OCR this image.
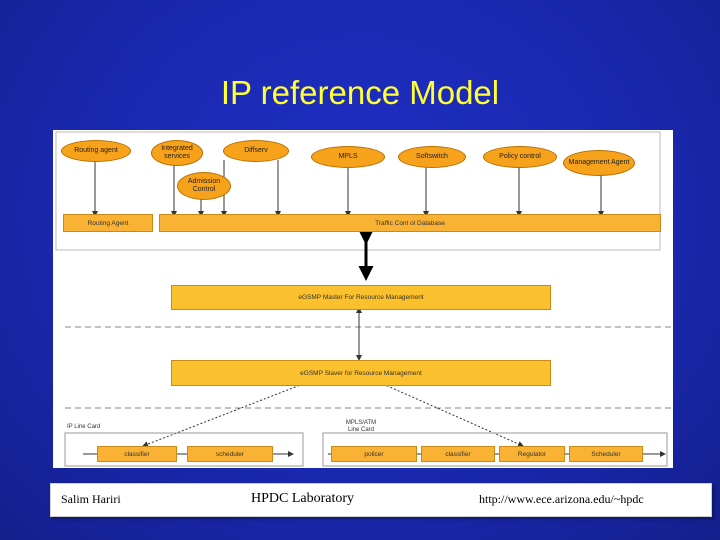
IP reference Model
Routing agent	Integrated services
Diffserv
MPLS	Softswitch	Policy control
Management Agent
Admission Control
Routing Agent	Traffic Cont ol Database
eGSMP Master For Resource Management
eGSMP Slaver for Resource Management
IP Line Card
MPLS/ATM Line Card
classifier	scheduler	policer	classifier	Regulator	Scheduler
Salim Hariri	HPDC Laboratory	http://www.ece.arizona.edu/~hpdc
